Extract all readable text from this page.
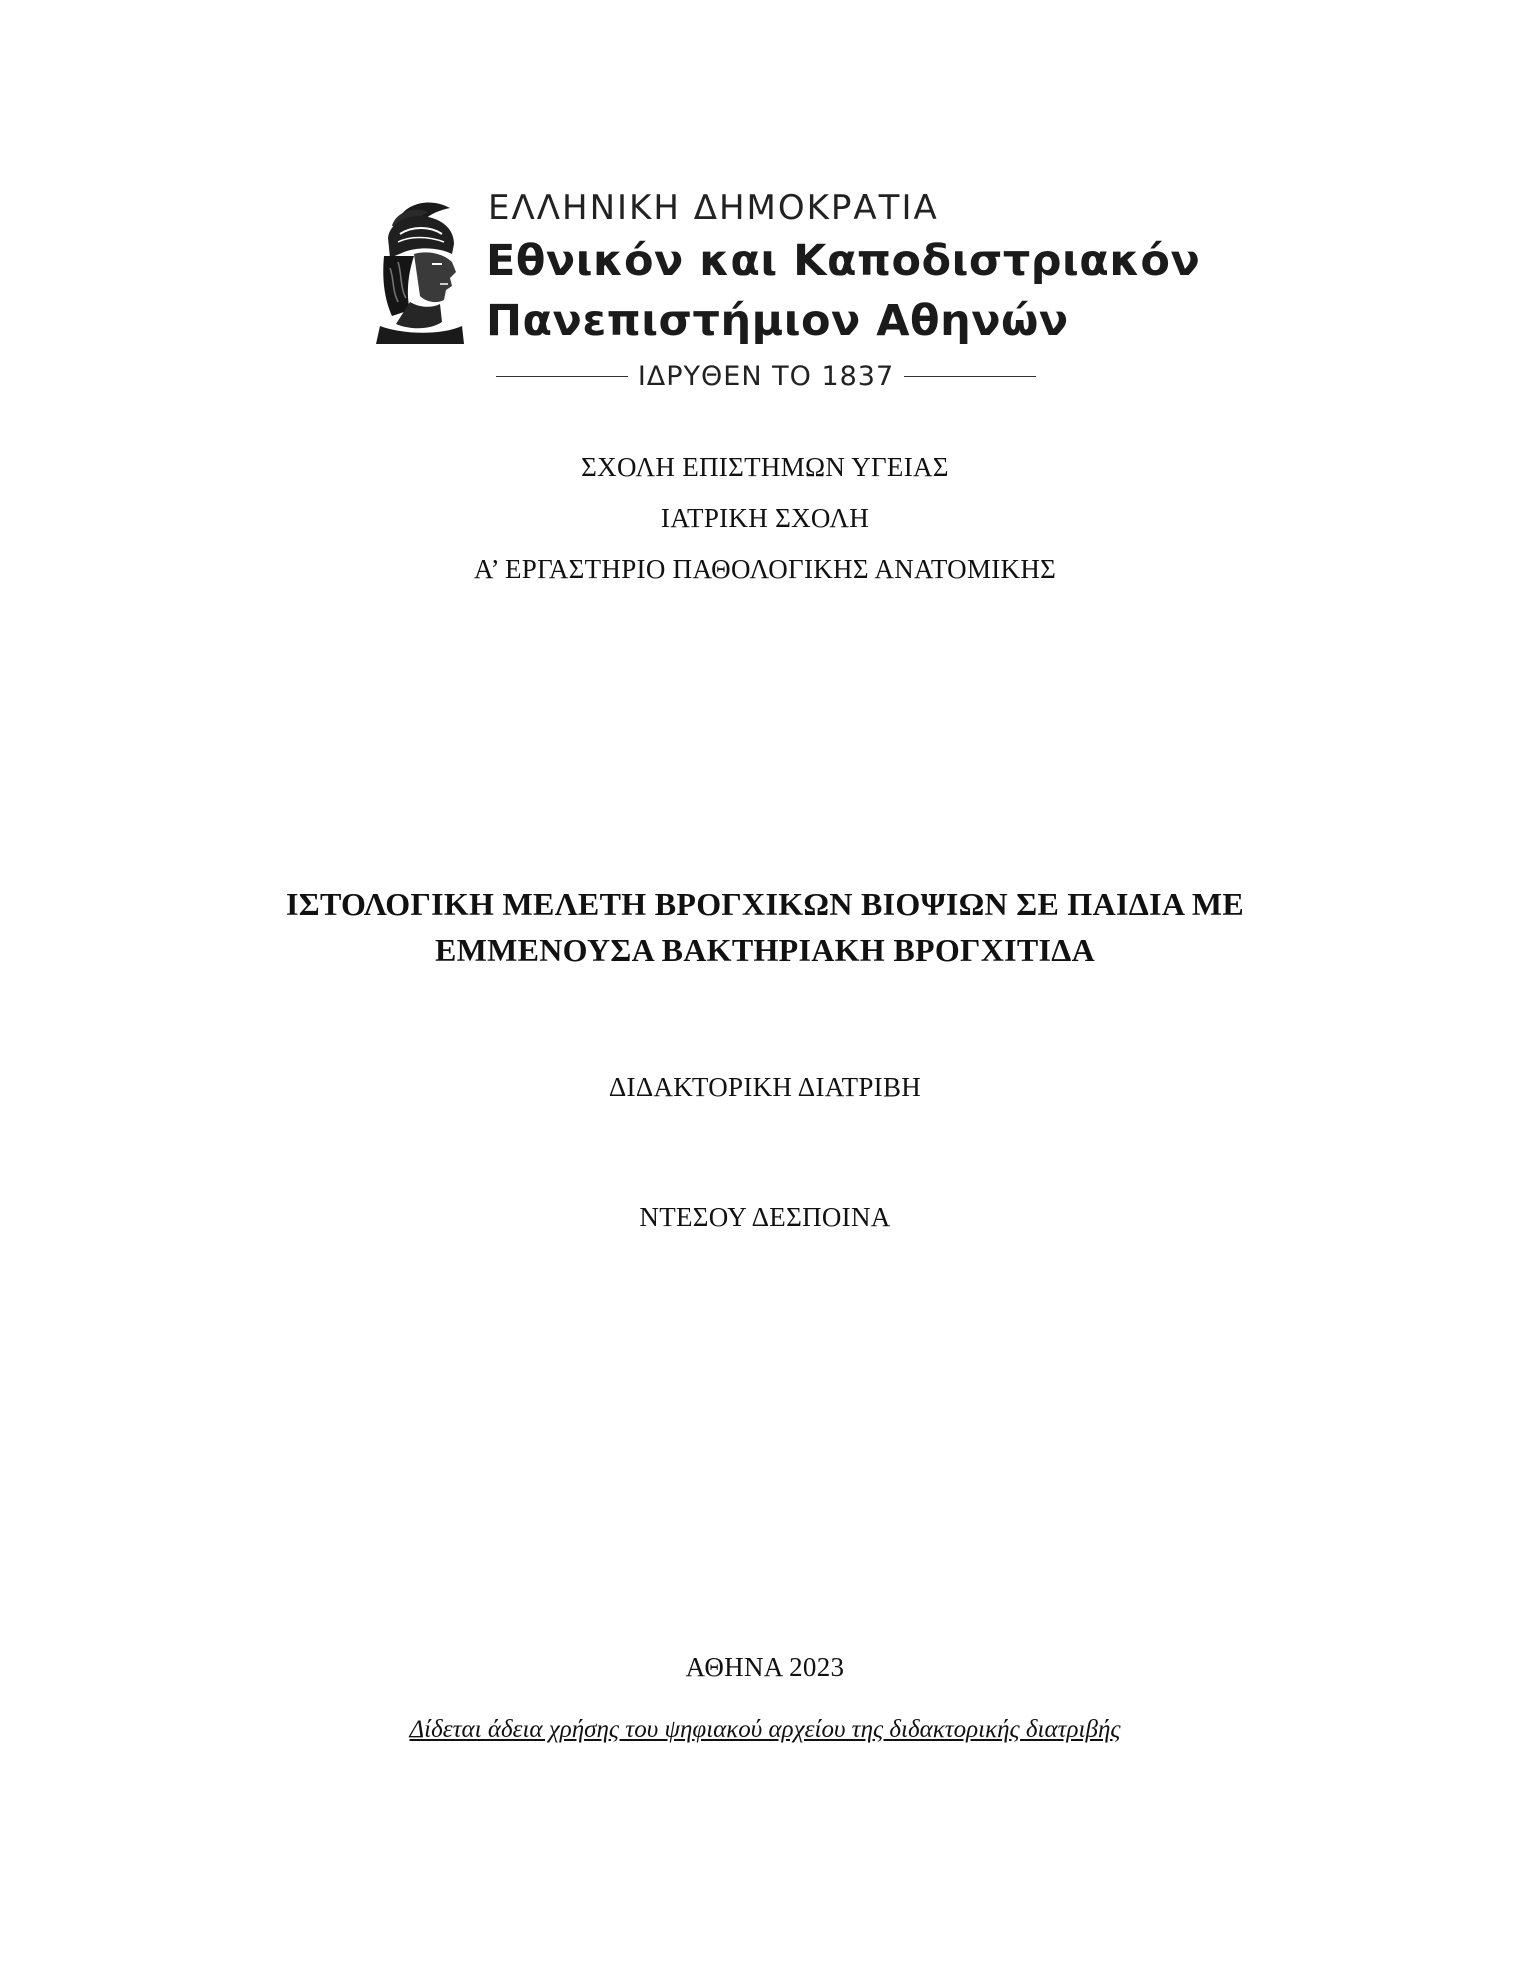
ΕΛΛΗΝΙΚΗ ΔΗΜΟΚΡΑΤΙΑ
Εθνικόν και Καποδιστριακόν
Πανεπιστήμιον Αθηνών
ΙΔΡΥΘΕΝ ΤΟ 1837
ΣΧΟΛΗ ΕΠΙΣΤΗΜΩΝ ΥΓΕΙΑΣ
ΙΑΤΡΙΚΗ ΣΧΟΛΗ
Α’ ΕΡΓΑΣΤΗΡΙΟ ΠΑΘΟΛΟΓΙΚΗΣ ΑΝΑΤΟΜΙΚΗΣ
ΙΣΤΟΛΟΓΙΚΗ ΜΕΛΕΤΗ ΒΡΟΓΧΙΚΩΝ ΒΙΟΨΙΩΝ ΣΕ ΠΑΙΔΙΑ ΜΕ
ΕΜΜΕΝΟΥΣΑ ΒΑΚΤΗΡΙΑΚΗ ΒΡΟΓΧΙΤΙΔΑ
ΔΙΔΑΚΤΟΡΙΚΗ ΔΙΑΤΡΙΒΗ
ΝΤΕΣΟΥ ΔΕΣΠΟΙΝΑ
ΑΘΗΝΑ 2023
Δίδεται άδεια χρήσης του ψηφιακού αρχείου της διδακτορικής διατριβής
